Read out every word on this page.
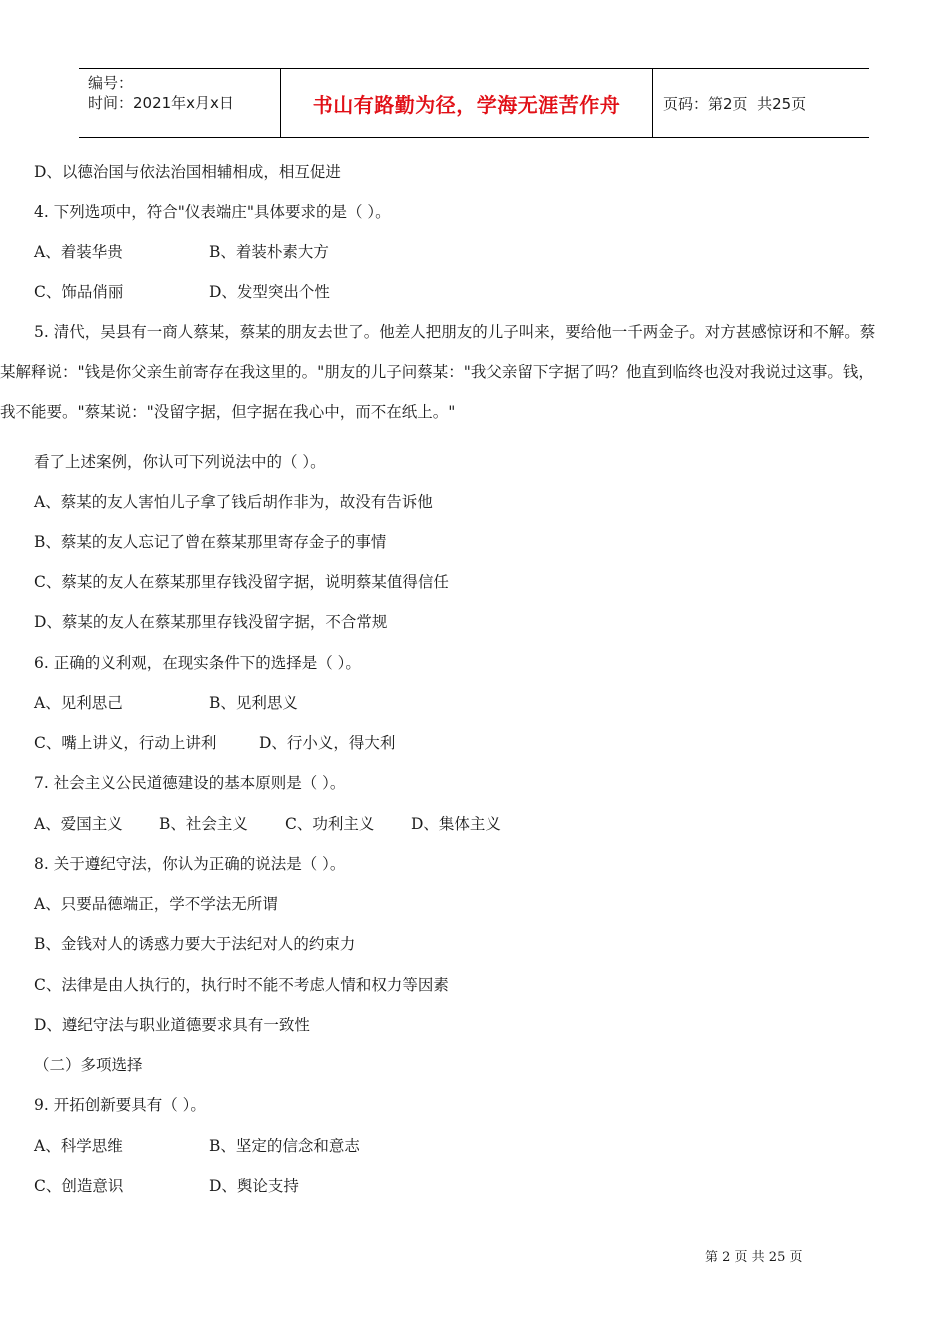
编号：
时间：2021年x月x日	书山有路勤为径，学海无涯苦作舟	页码：第2页  共25页
D、以德治国与依法治国相辅相成，相互促进
4. 下列选项中，符合"仪表端庄"具体要求的是（ ）。
A、着装华贵	B、着装朴素大方
C、饰品俏丽	D、发型突出个性
5. 清代，吴县有一商人蔡某，蔡某的朋友去世了。他差人把朋友的儿子叫来，要给他一千两金子。对方甚感惊讶和不解。蔡
某解释说："钱是你父亲生前寄存在我这里的。"朋友的儿子问蔡某："我父亲留下字据了吗？他直到临终也没对我说过这事。钱，
我不能要。"蔡某说："没留字据，但字据在我心中，而不在纸上。"
看了上述案例，你认可下列说法中的（ ）。
A、蔡某的友人害怕儿子拿了钱后胡作非为，故没有告诉他
B、蔡某的友人忘记了曾在蔡某那里寄存金子的事情
C、蔡某的友人在蔡某那里存钱没留字据，说明蔡某值得信任
D、蔡某的友人在蔡某那里存钱没留字据，不合常规
6. 正确的义利观，在现实条件下的选择是（ ）。
A、见利思己	B、见利思义
C、嘴上讲义，行动上讲利	D、行小义，得大利
7. 社会主义公民道德建设的基本原则是（ ）。
A、爱国主义 B、社会主义 C、功利主义 D、集体主义
8. 关于遵纪守法，你认为正确的说法是（ ）。
A、只要品德端正，学不学法无所谓
B、金钱对人的诱惑力要大于法纪对人的约束力
C、法律是由人执行的，执行时不能不考虑人情和权力等因素
D、遵纪守法与职业道德要求具有一致性
（二）多项选择
9. 开拓创新要具有（ ）。
A、科学思维	B、坚定的信念和意志
C、创造意识	D、舆论支持
第 2 页 共 25 页
